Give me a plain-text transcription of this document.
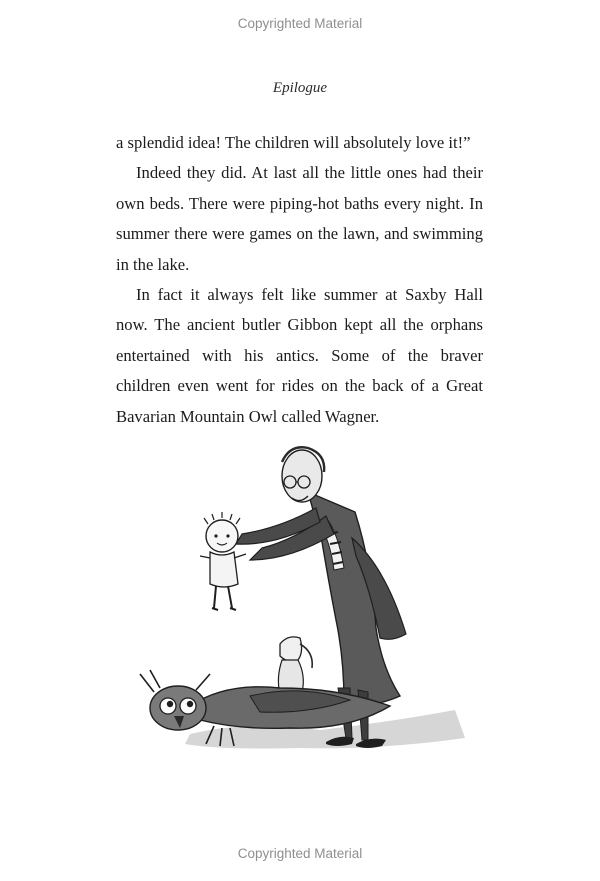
Copyrighted Material
Epilogue

a splendid idea! The children will absolutely love it!”

Indeed they did. At last all the little ones had their own beds. There were piping-hot baths every night. In summer there were games on the lawn, and swimming in the lake.

In fact it always felt like summer at Saxby Hall now. The ancient butler Gibbon kept all the orphans entertained with his antics. Some of the braver children even went for rides on the back of a Great Bavarian Mountain Owl called Wagner.

Copyrighted Material
